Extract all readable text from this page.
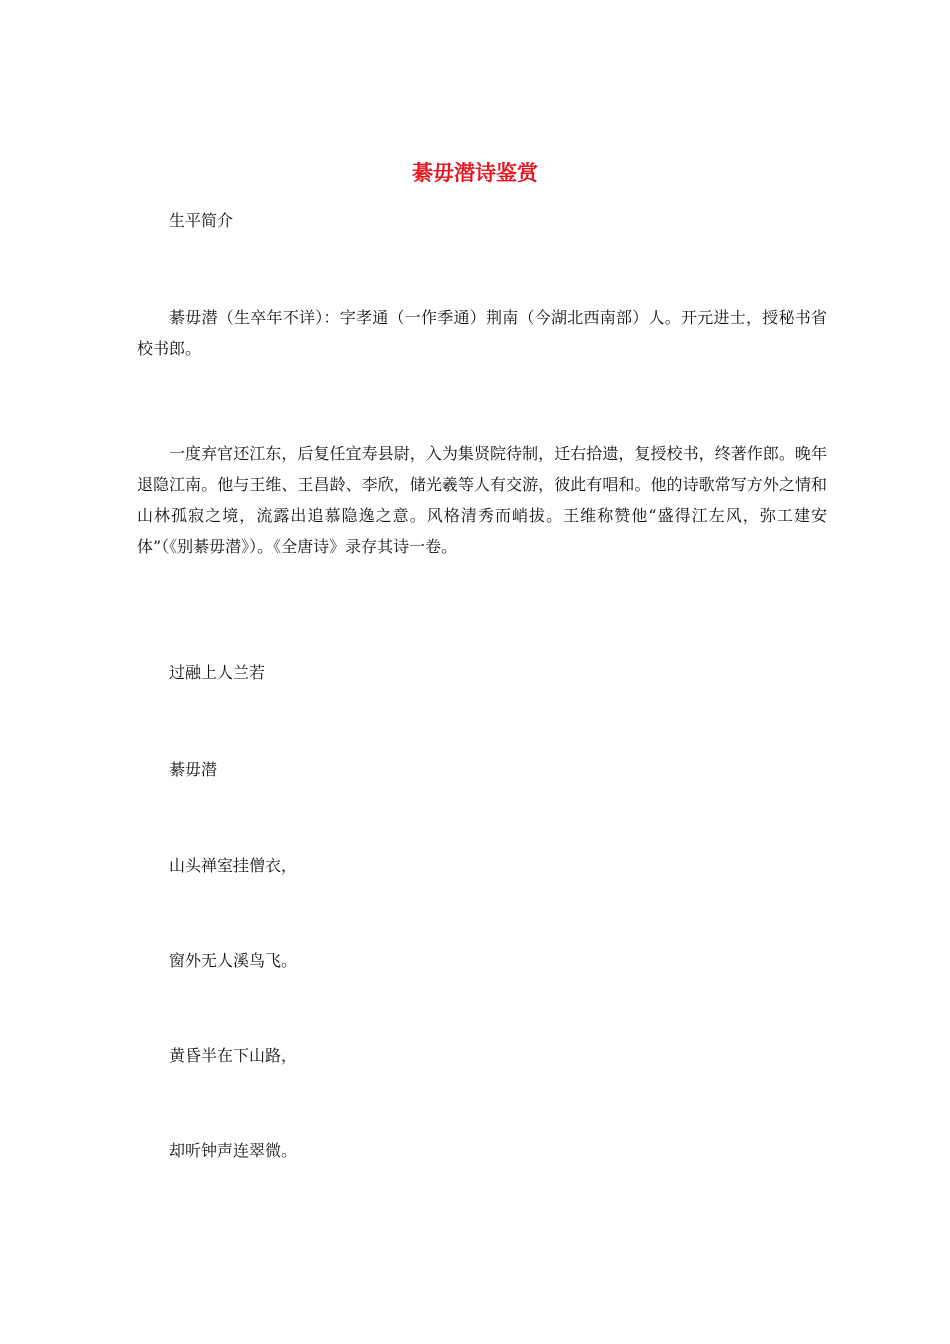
綦毋潜诗鉴赏

生平简介

綦毋潜（生卒年不详）：字孝通（一作季通）荆南（今湖北西南部）人。开元进士，授秘书省校书郎。

一度弃官还江东，后复任宜寿县尉，入为集贤院待制，迁右拾遗，复授校书，终著作郎。晚年退隐江南。他与王维、王昌龄、李欣，储光羲等人有交游，彼此有唱和。他的诗歌常写方外之情和山林孤寂之境，流露出追慕隐逸之意。风格清秀而峭拔。王维称赞他“盛得江左风，弥工建安体”（《别綦毋潜》）。《全唐诗》录存其诗一卷。

过融上人兰若

綦毋潜

山头禅室挂僧衣，

窗外无人溪鸟飞。

黄昏半在下山路，

却听钟声连翠微。
